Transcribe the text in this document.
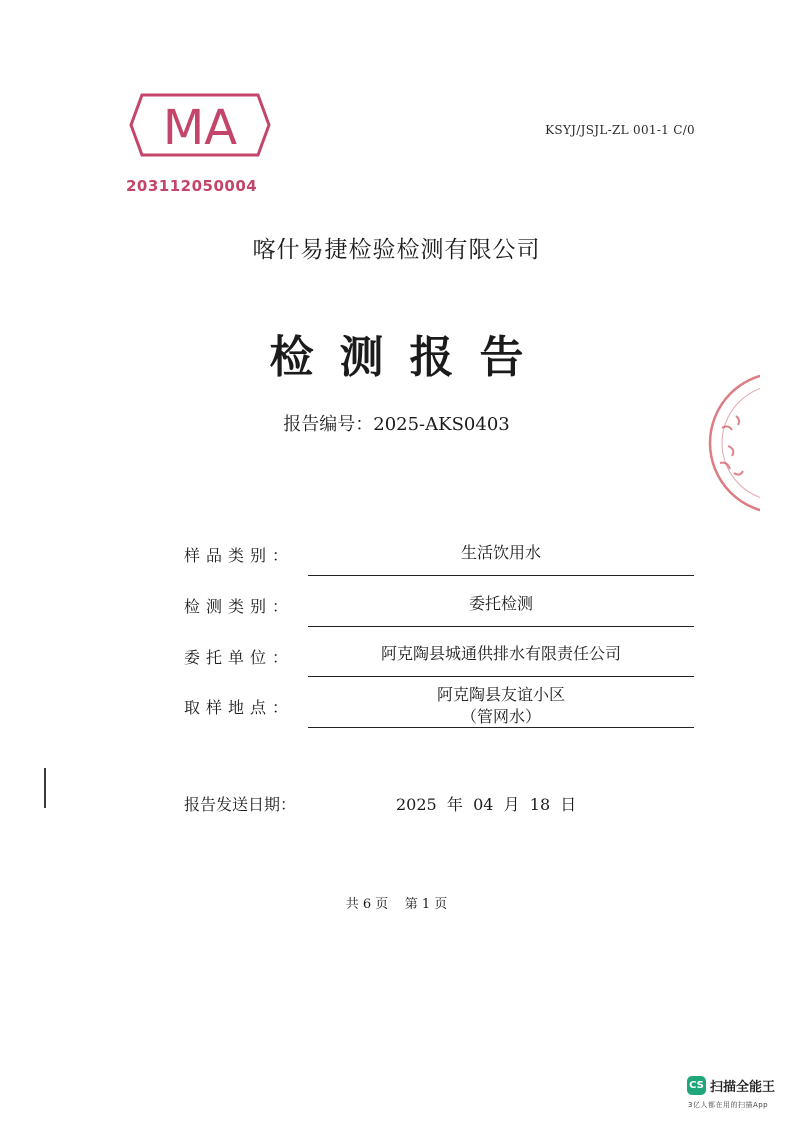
MA
203112050004
KSYJ/JSJL-ZL 001-1 C/0
喀什易捷检验检测有限公司
检测报告
报告编号：2025-AKS0403
样品类别：	生活饮用水
检测类别：	委托检测
委托单位：	阿克陶县城通供排水有限责任公司
取样地点：
阿克陶县友谊小区
（管网水）
报告发送日期：	2025  年  04  月  18  日
共 6 页    第 1 页
CS 扫描全能王
3亿人都在用的扫描App
